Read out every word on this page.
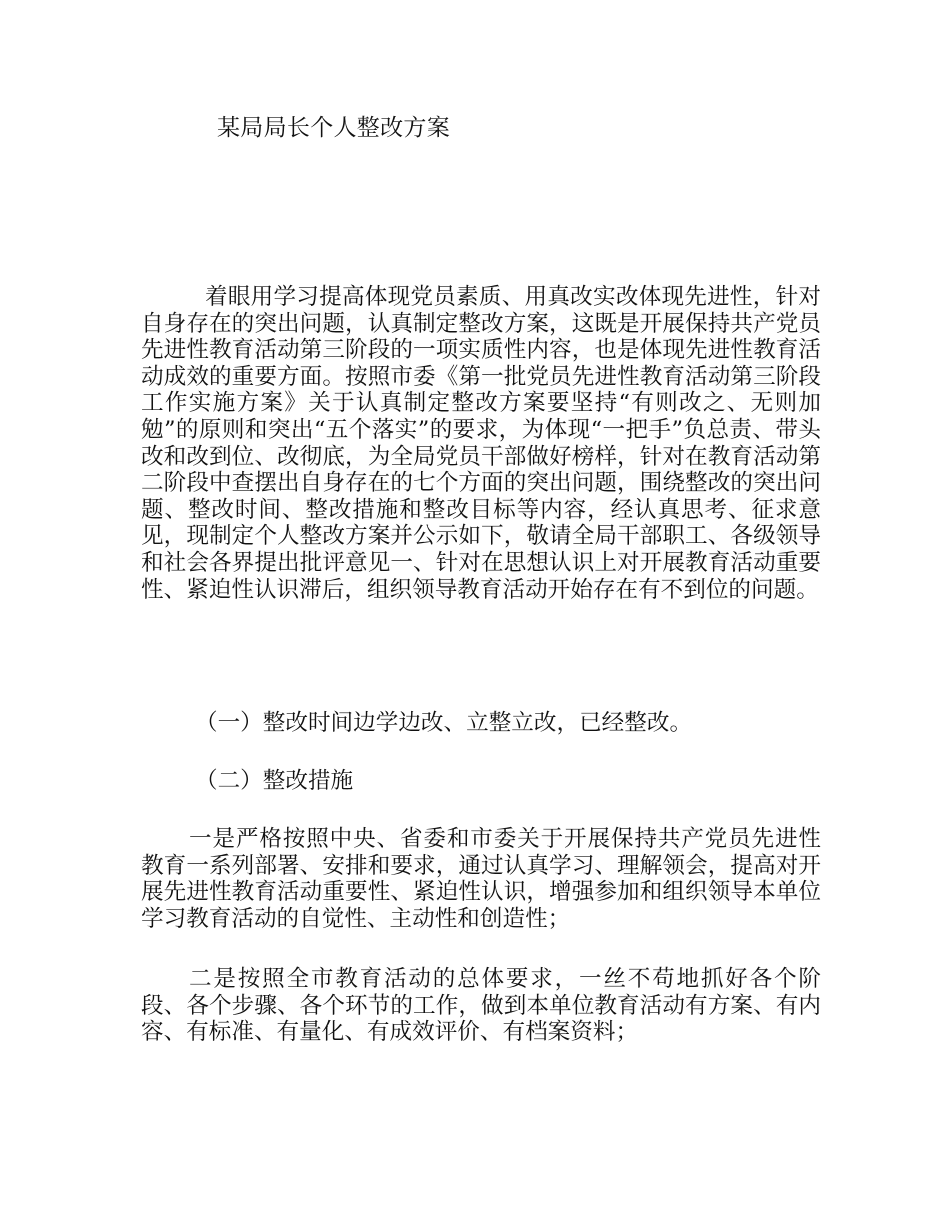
某局局长个人整改方案

着眼用学习提高体现党员素质、用真改实改体现先进性，针对自身存在的突出问题，认真制定整改方案，这既是开展保持共产党员先进性教育活动第三阶段的一项实质性内容，也是体现先进性教育活动成效的重要方面。按照市委《第一批党员先进性教育活动第三阶段工作实施方案》关于认真制定整改方案要坚持“有则改之、无则加勉”的原则和突出“五个落实”的要求，为体现“一把手”负总责、带头改和改到位、改彻底，为全局党员干部做好榜样，针对在教育活动第二阶段中查摆出自身存在的七个方面的突出问题，围绕整改的突出问题、整改时间、整改措施和整改目标等内容，经认真思考、征求意见，现制定个人整改方案并公示如下，敬请全局干部职工、各级领导和社会各界提出批评意见一、针对在思想认识上对开展教育活动重要性、紧迫性认识滞后，组织领导教育活动开始存在有不到位的问题。

（一）整改时间边学边改、立整立改，已经整改。

（二）整改措施

一是严格按照中央、省委和市委关于开展保持共产党员先进性教育一系列部署、安排和要求，通过认真学习、理解领会，提高对开展先进性教育活动重要性、紧迫性认识，增强参加和组织领导本单位学习教育活动的自觉性、主动性和创造性；

二是按照全市教育活动的总体要求，一丝不苟地抓好各个阶段、各个步骤、各个环节的工作，做到本单位教育活动有方案、有内容、有标准、有量化、有成效评价、有档案资料；
